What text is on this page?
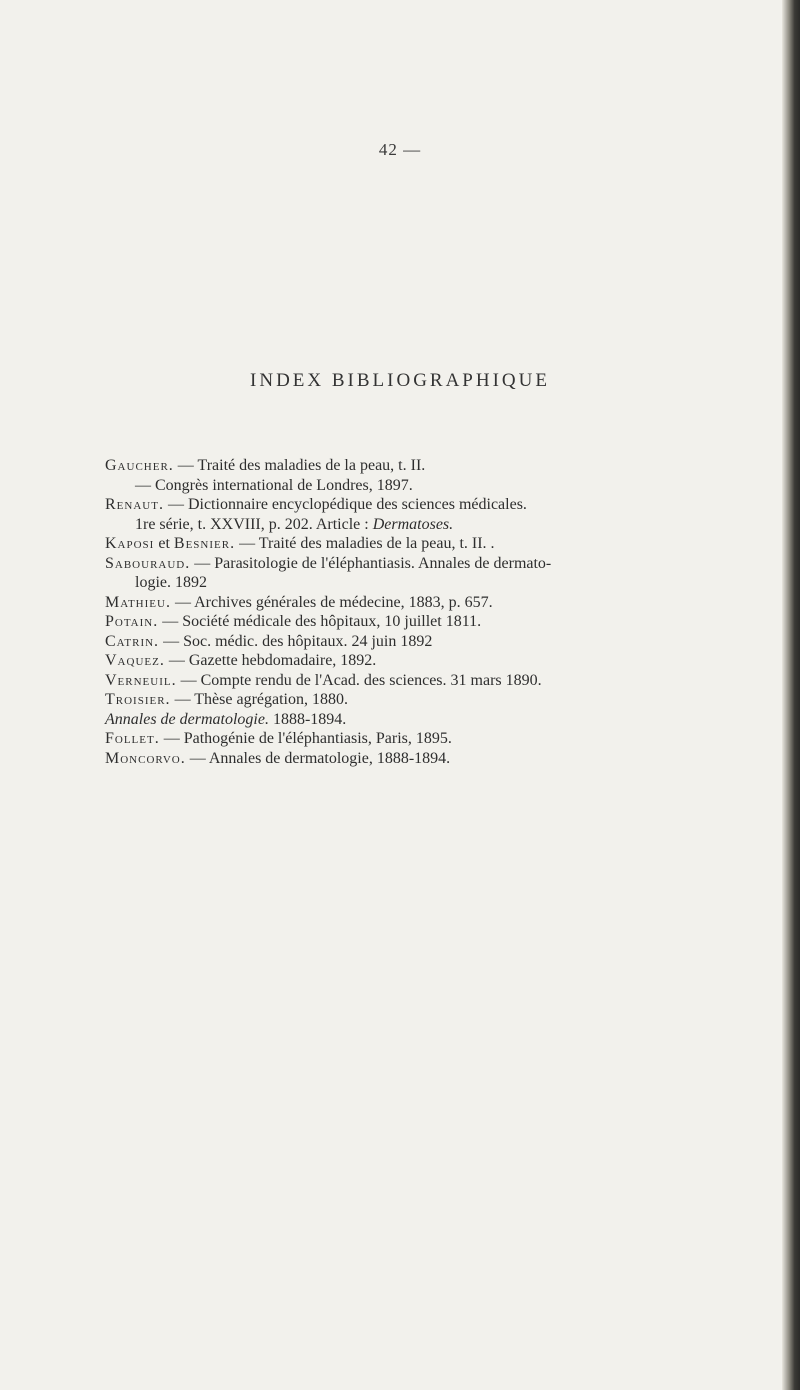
42 —
INDEX BIBLIOGRAPHIQUE

Gaucher. — Traité des maladies de la peau, t. II.

— Congrès international de Londres, 1897.

Renaut. — Dictionnaire encyclopédique des sciences médicales.

1re série, t. XXVIII, p. 202. Article : Dermatoses.

Kaposi et Besnier. — Traité des maladies de la peau, t. II. .

Sabouraud. — Parasitologie de l'éléphantiasis. Annales de dermato-

logie. 1892

Mathieu. — Archives générales de médecine, 1883, p. 657.

Potain. — Société médicale des hôpitaux, 10 juillet 1811.

Catrin. — Soc. médic. des hôpitaux. 24 juin 1892

Vaquez. — Gazette hebdomadaire, 1892.

Verneuil. — Compte rendu de l'Acad. des sciences. 31 mars 1890.

Troisier. — Thèse agrégation, 1880.

Annales de dermatologie. 1888-1894.

Follet. — Pathogénie de l'éléphantiasis, Paris, 1895.

Moncorvo. — Annales de dermatologie, 1888-1894.
